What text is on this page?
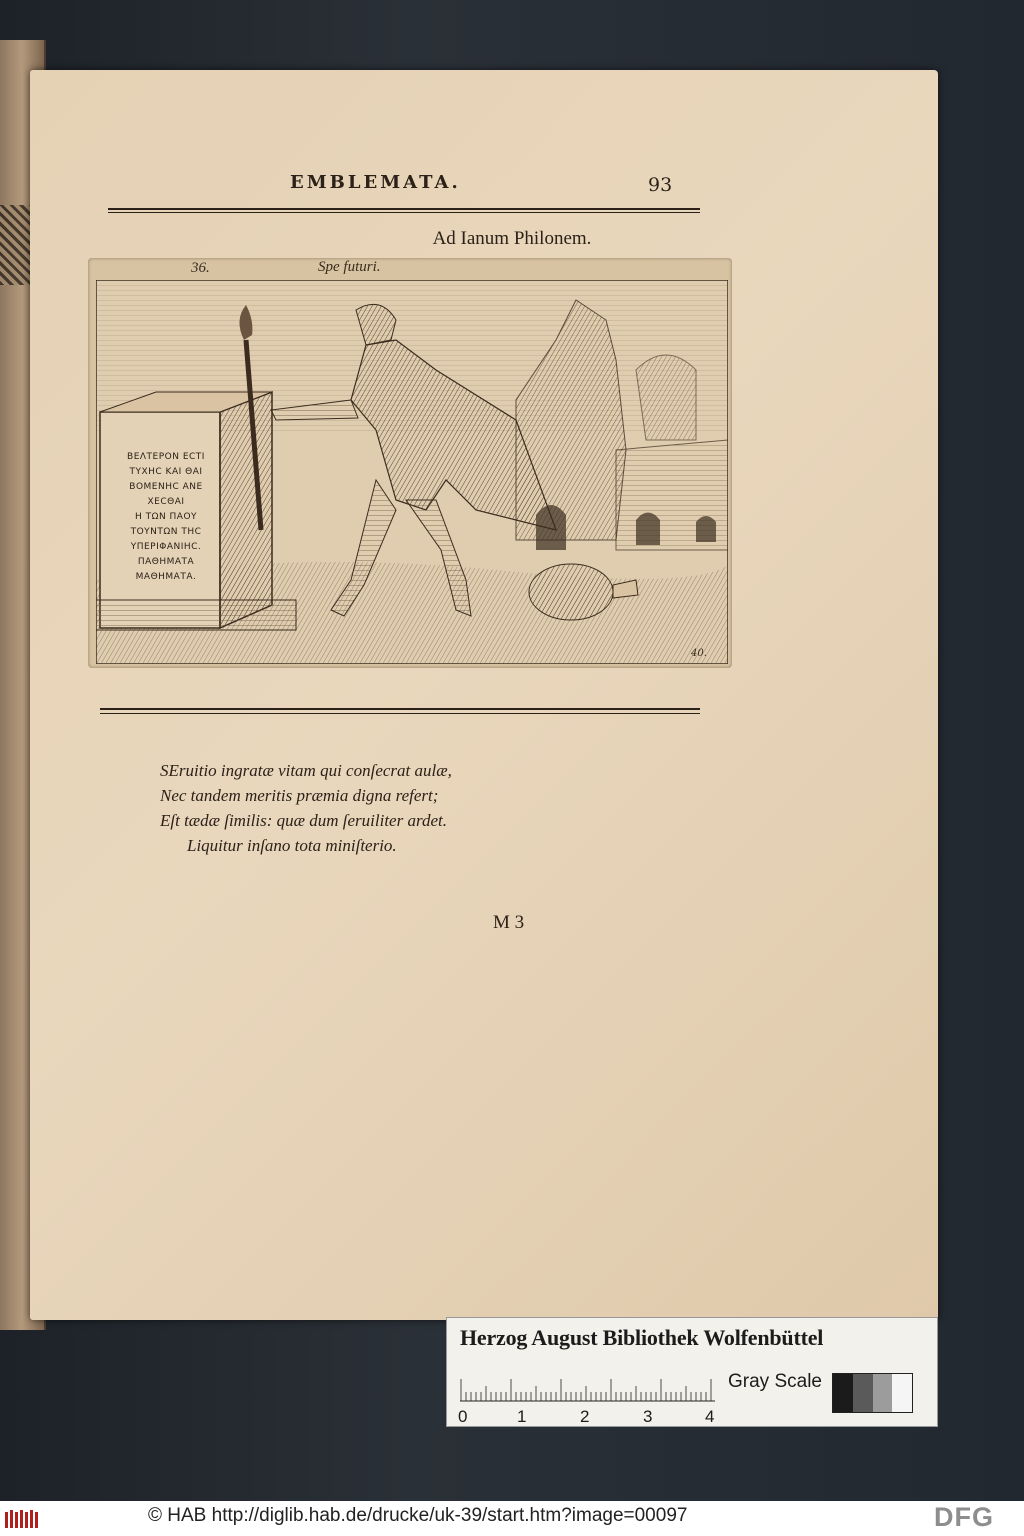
EMBLEMATA.	93
Ad Ianum Philonem.
36.	Spe futuri.
ΒΕΛΤΕΡΟΝ ΕCΤΙ
ΤΥΧΗC ΚΑΙ ΘΑΙ
ΒΟΜΕΝΗC ΑΝΕ
ΧΕCΘΑΙ
Η ΤΩΝ ΠΑΟΥ
ΤΟΥΝΤΩΝ ΤΗC
ΥΠΕΡΙΦΑΝΙΗC.
ΠΑΘΗΜΑΤΑ
ΜΑΘΗΜΑΤΑ.
40.
SEruitio ingratæ vitam qui conſecrat aulæ,
Nec tandem meritis præmia digna refert;
Eſt tædæ ſimilis: quæ dum ſeruiliter ardet.
Liquitur inſano tota miniſterio.
M 3
Herzog August Bibliothek Wolfenbüttel
0	1	2	3	4
Gray Scale
© HAB http://diglib.hab.de/drucke/uk-39/start.htm?image=00097	DFG
